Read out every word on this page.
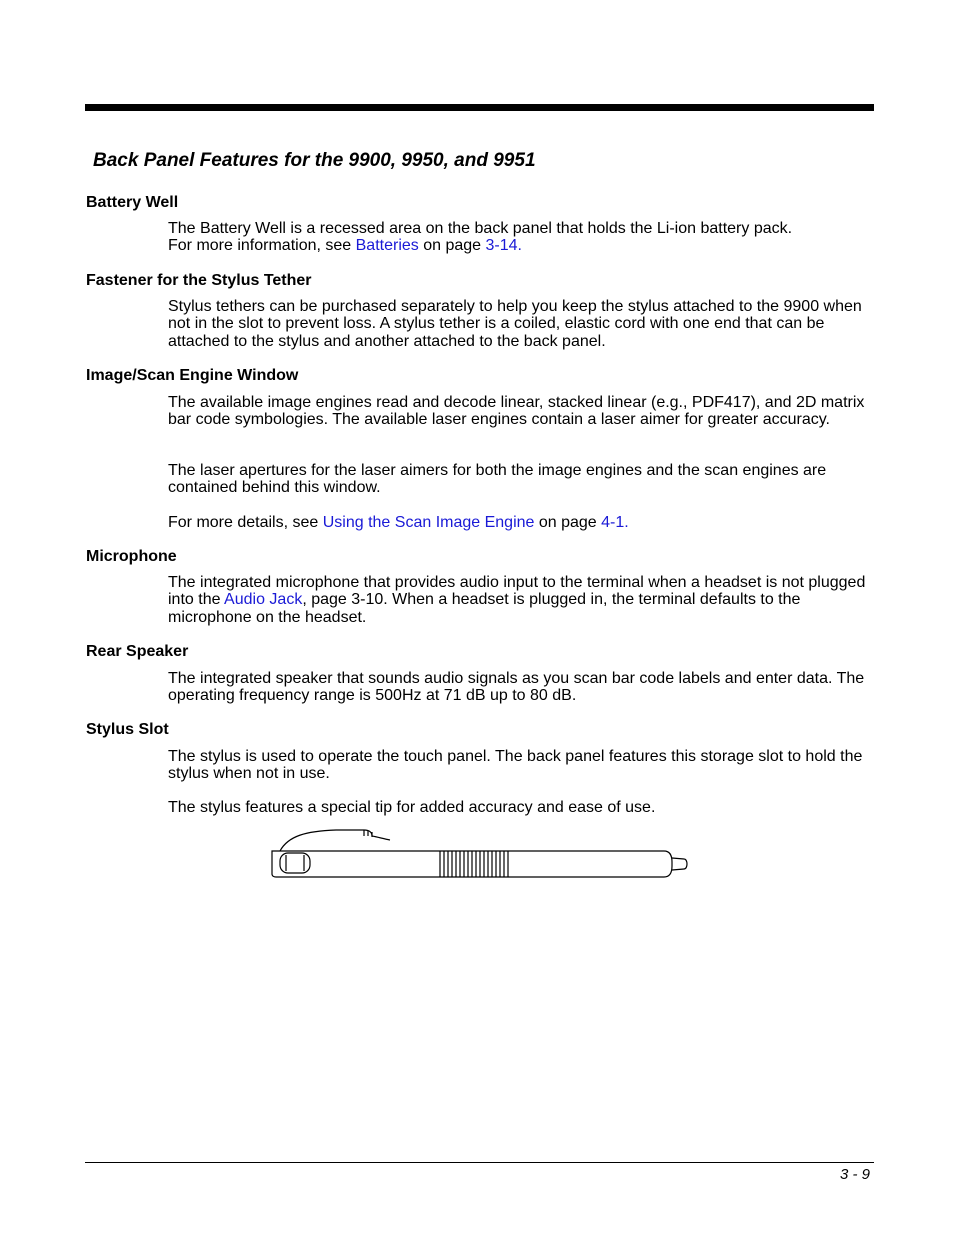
Back Panel Features for the 9900, 9950, and 9951
Battery Well

The Battery Well is a recessed area on the back panel that holds the Li-ion battery pack.
For more information, see Batteries on page 3-14.

Fastener for the Stylus Tether

Stylus tethers can be purchased separately to help you keep the stylus attached to the 9900 when not in the slot to prevent loss. A stylus tether is a coiled, elastic cord with one end that can be attached to the stylus and another attached to the back panel.

Image/Scan Engine Window

The available image engines read and decode linear, stacked linear (e.g., PDF417), and 2D matrix bar code symbologies. The available laser engines contain a laser aimer for greater accuracy.

The laser apertures for the laser aimers for both the image engines and the scan engines are contained behind this window.

For more details, see Using the Scan Image Engine on page 4-1.

Microphone

The integrated microphone that provides audio input to the terminal when a headset is not plugged into the Audio Jack, page 3-10. When a headset is plugged in, the terminal defaults to the microphone on the headset.

Rear Speaker

The integrated speaker that sounds audio signals as you scan bar code labels and enter data. The operating frequency range is 500Hz at 71 dB up to 80 dB.

Stylus Slot

The stylus is used to operate the touch panel. The back panel features this storage slot to hold the stylus when not in use.

The stylus features a special tip for added accuracy and ease of use.

3 - 9
